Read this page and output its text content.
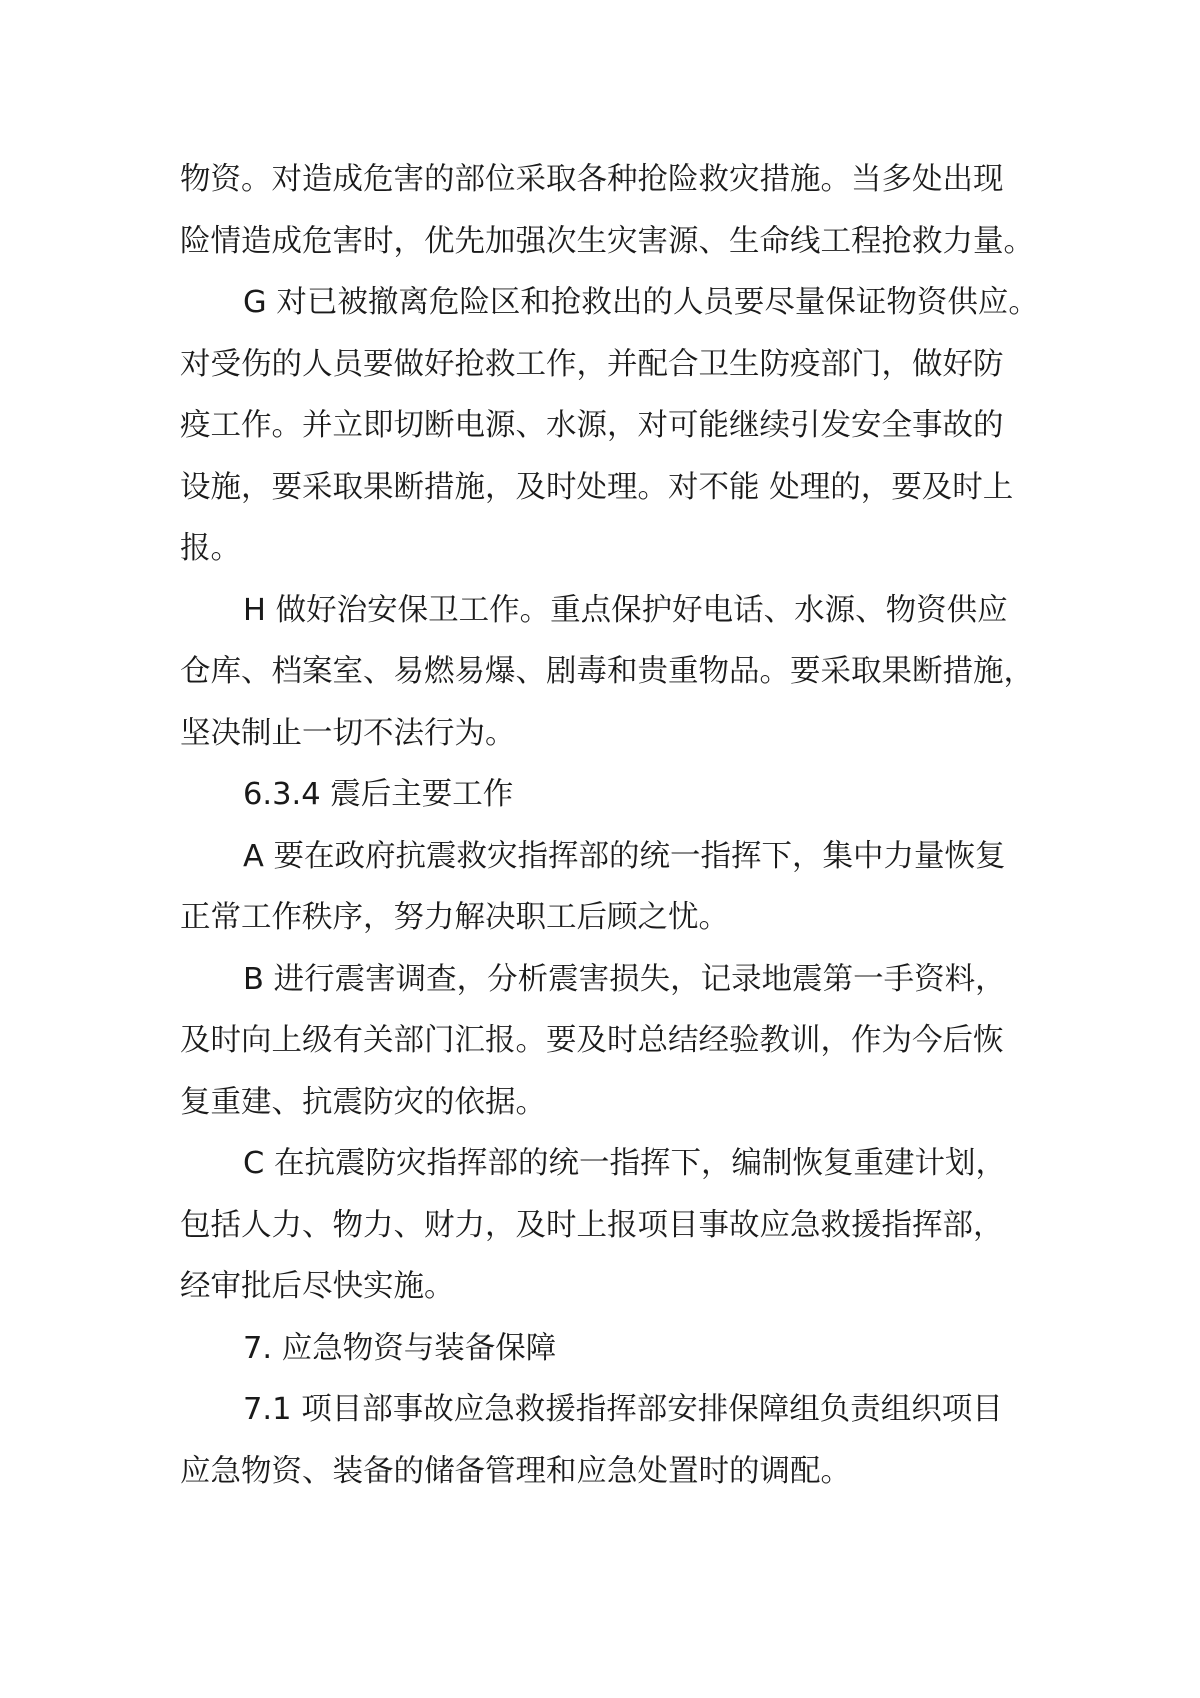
物资。对造成危害的部位采取各种抢险救灾措施。当多处出现

险情造成危害时，优先加强次生灾害源、生命线工程抢救力量。

G 对已被撤离危险区和抢救出的人员要尽量保证物资供应。

对受伤的人员要做好抢救工作，并配合卫生防疫部门，做好防

疫工作。并立即切断电源、水源，对可能继续引发安全事故的

设施，要采取果断措施，及时处理。对不能 处理的，要及时上

报。

H 做好治安保卫工作。重点保护好电话、水源、物资供应

仓库、档案室、易燃易爆、剧毒和贵重物品。要采取果断措施，

坚决制止一切不法行为。

6.3.4 震后主要工作

A 要在政府抗震救灾指挥部的统一指挥下，集中力量恢复

正常工作秩序，努力解决职工后顾之忧。

B 进行震害调查，分析震害损失，记录地震第一手资料，

及时向上级有关部门汇报。要及时总结经验教训，作为今后恢

复重建、抗震防灾的依据。

C 在抗震防灾指挥部的统一指挥下，编制恢复重建计划，

包括人力、物力、财力，及时上报项目事故应急救援指挥部，

经审批后尽快实施。

7. 应急物资与装备保障

7.1 项目部事故应急救援指挥部安排保障组负责组织项目

应急物资、装备的储备管理和应急处置时的调配。
